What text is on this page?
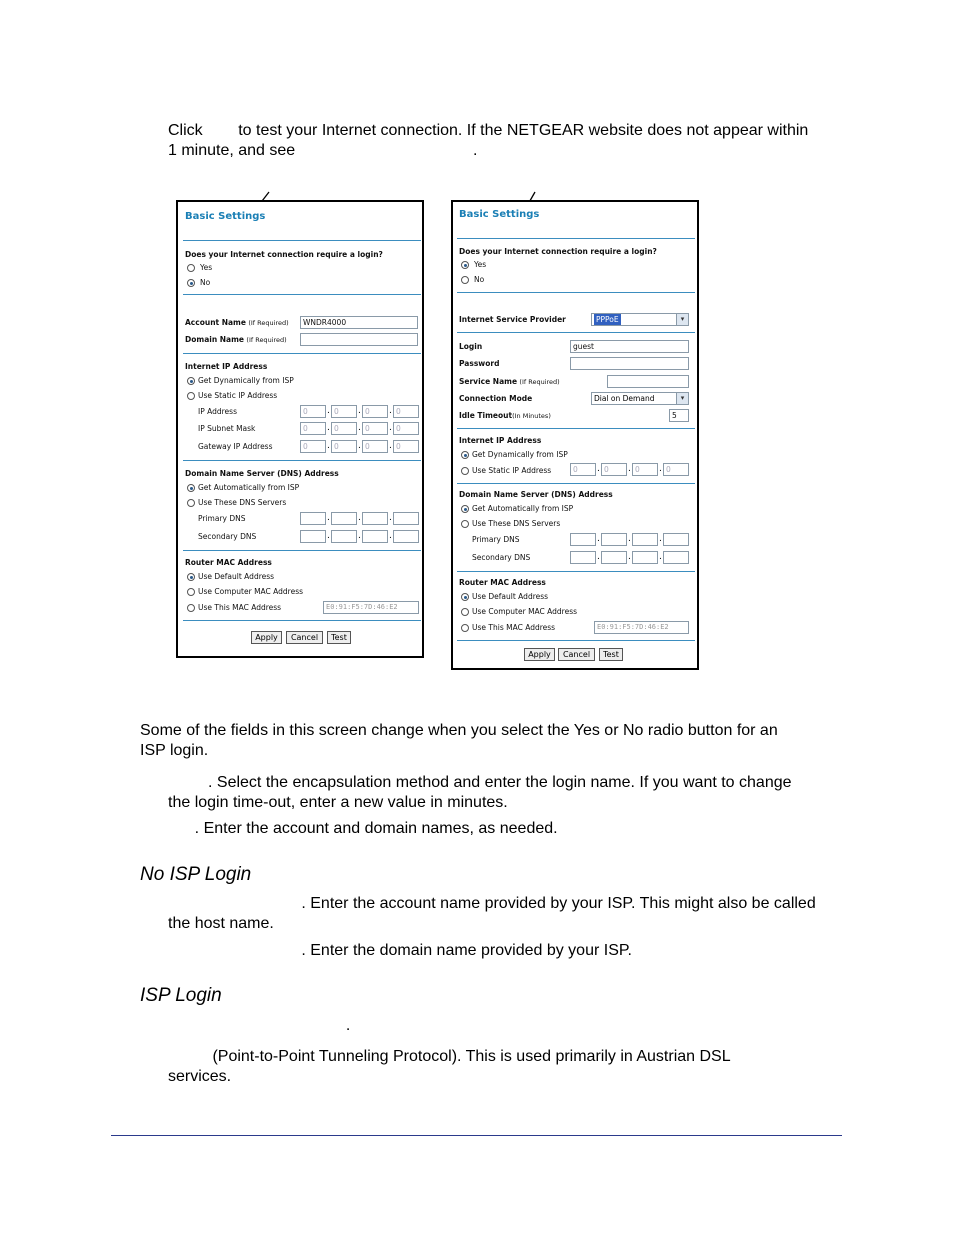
Click        to test your Internet connection. If the NETGEAR website does not appear within
1 minute, and see                                        .
Basic Settings
Does your Internet connection require a login?
Yes
No
Account Name (If Required)	WNDR4000
Domain Name (If Required)
Internet IP Address
Get Dynamically from ISP
Use Static IP Address
IP Address	0	. 0	. 0	. 0
IP Subnet Mask	0	. 0	. 0	. 0
Gateway IP Address	0	. 0	. 0	. 0
Domain Name Server (DNS) Address
Get Automatically from ISP
Use These DNS Servers
Primary DNS	.	.	.
Secondary DNS	.	.	.
Router MAC Address
Use Default Address
Use Computer MAC Address
Use This MAC Address	E0:91:F5:7D:46:E2
Apply	Cancel	Test
Basic Settings
Does your Internet connection require a login?
Yes
No
Internet Service Provider	PPPoE	▾
Login	guest
Password
Service Name (If Required)
Connection Mode	Dial on Demand	▾
Idle Timeout(In Minutes)	5
Internet IP Address
Get Dynamically from ISP
Use Static IP Address	0	. 0	. 0	. 0
Domain Name Server (DNS) Address
Get Automatically from ISP
Use These DNS Servers
Primary DNS	.	.	.
Secondary DNS	.	.	.
Router MAC Address
Use Default Address
Use Computer MAC Address
Use This MAC Address	E0:91:F5:7D:46:E2
Apply	Cancel	Test
Some of the fields in this screen change when you select the Yes or No radio button for an
ISP login.
. Select the encapsulation method and enter the login name. If you want to change
the login time-out, enter a new value in minutes.
. Enter the account and domain names, as needed.
No ISP Login
. Enter the account name provided by your ISP. This might also be called
the host name.
. Enter the domain name provided by your ISP.
ISP Login
.
(Point-to-Point Tunneling Protocol). This is used primarily in Austrian DSL
services.
